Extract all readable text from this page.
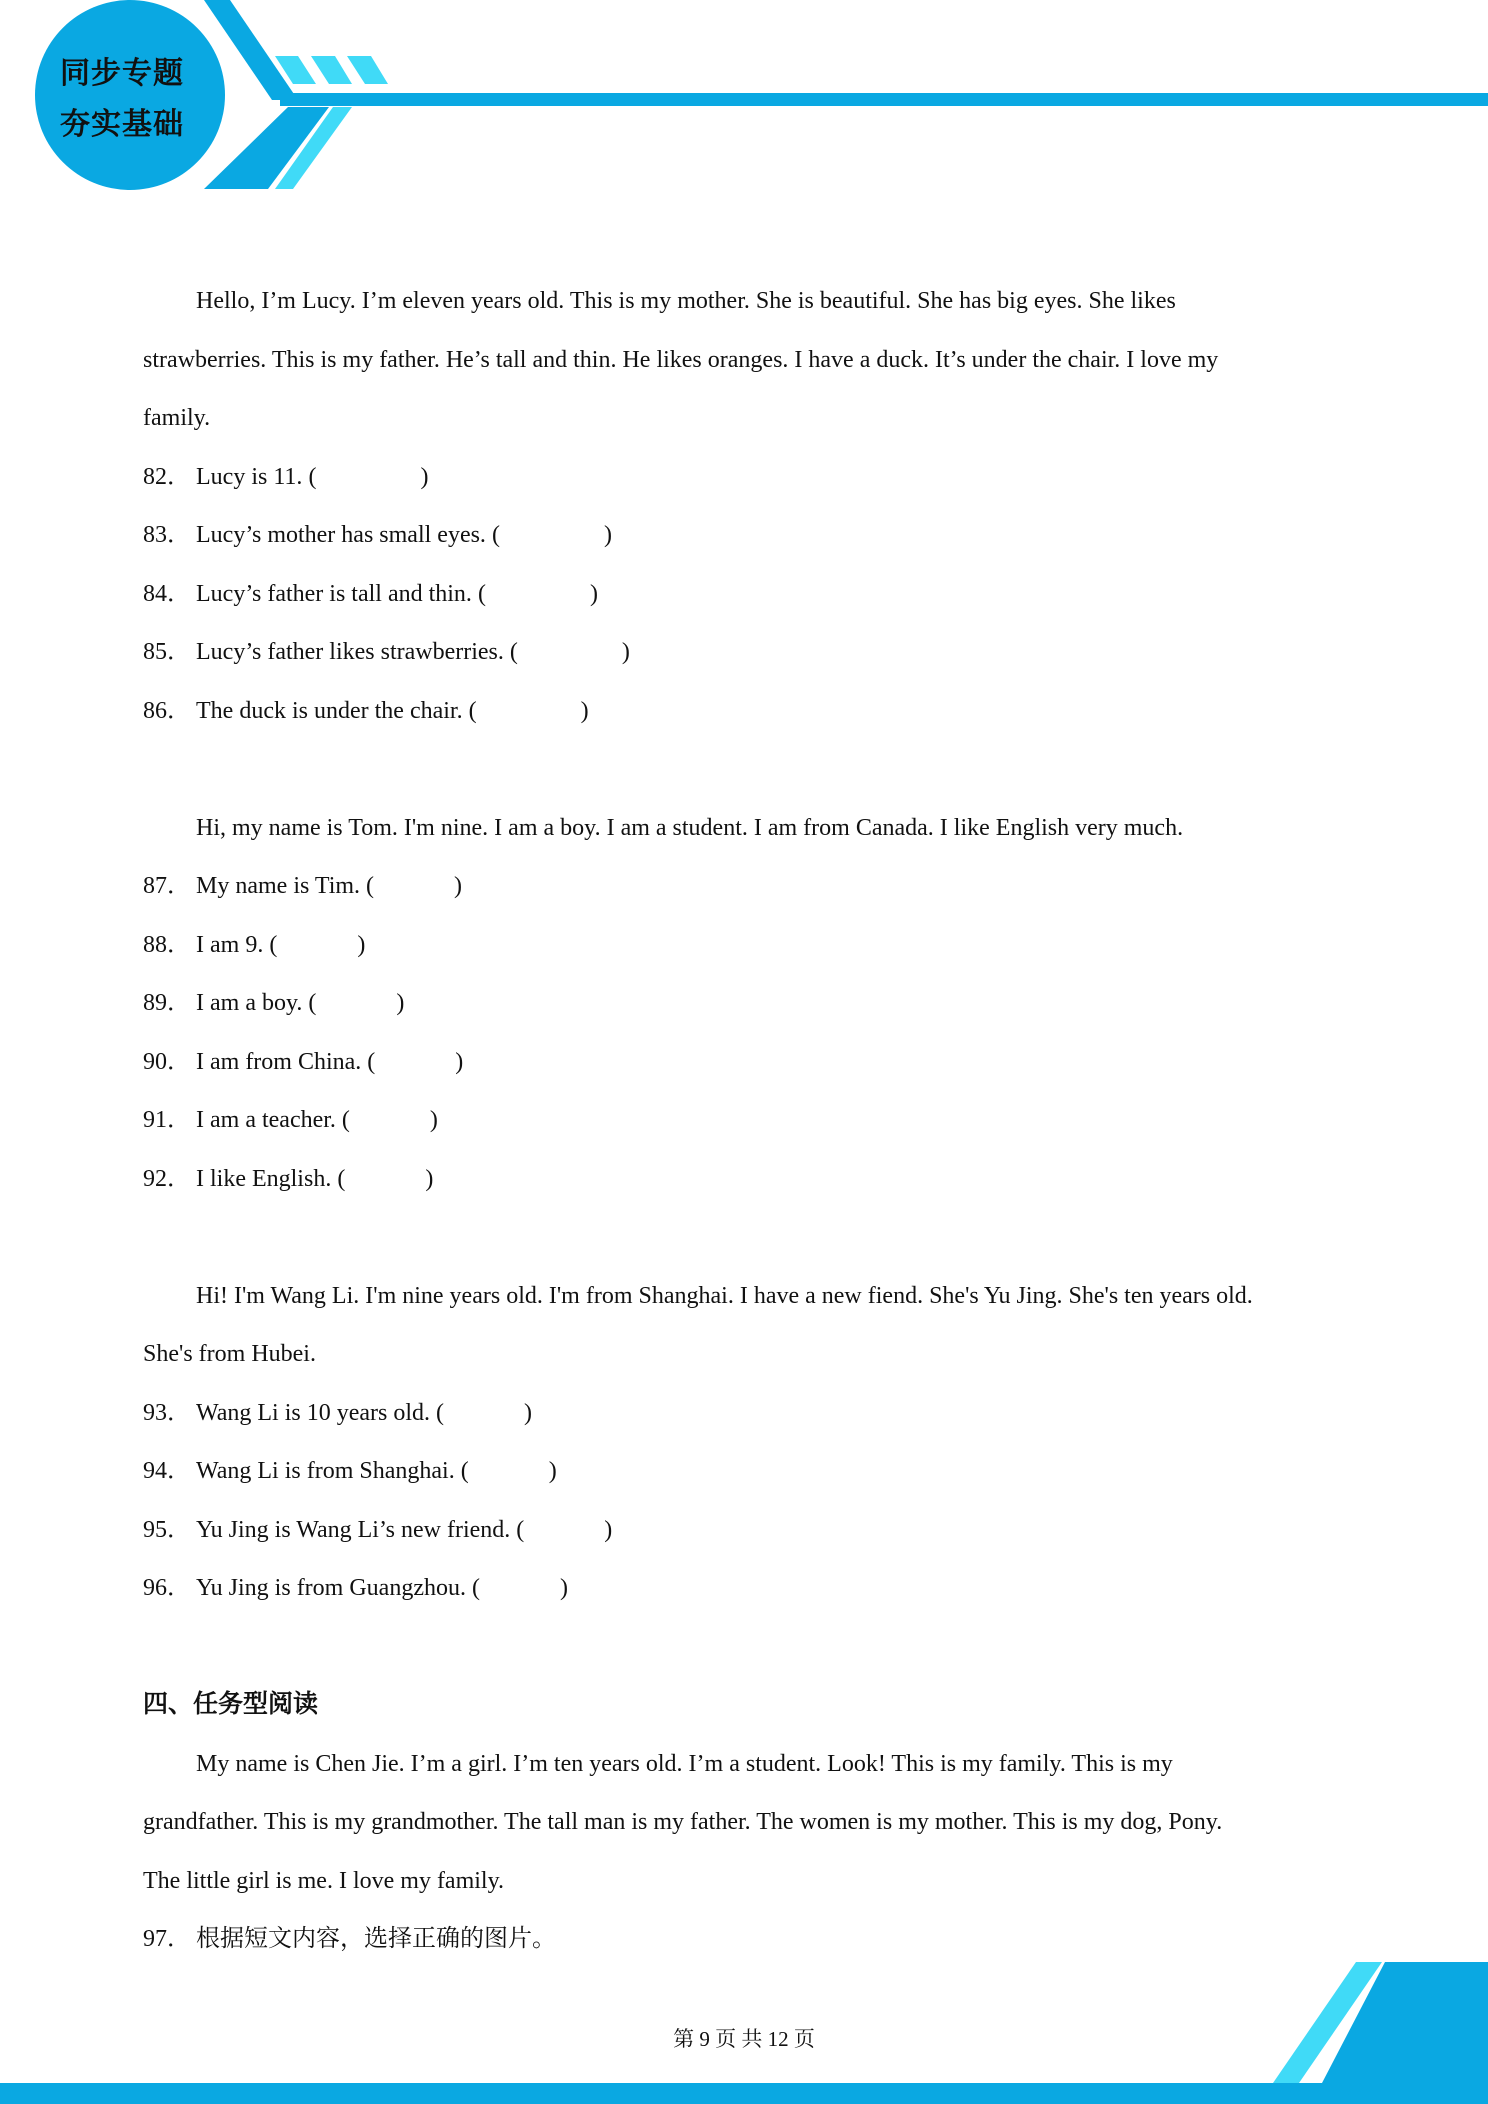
同步专题
夯实基础
Hello, I’m Lucy. I’m eleven years old. This is my mother. She is beautiful. She has big eyes. She likes
strawberries. This is my father. He’s tall and thin. He likes oranges. I have a duck. It’s under the chair. I love my
family.
82． Lucy is 11. (	)
83． Lucy’s mother has small eyes. (	)
84． Lucy’s father is tall and thin. (	)
85． Lucy’s father likes strawberries. (	)
86． The duck is under the chair. (	)
Hi, my name is Tom. I'm nine. I am a boy. I am a student. I am from Canada. I like English very much.
87． My name is Tim. (	)
88． I am 9. (	)
89． I am a boy. (	)
90． I am from China. (	)
91． I am a teacher. (	)
92． I like English. (	)
Hi! I'm Wang Li. I'm nine years old. I'm from Shanghai. I have a new fiend. She's Yu Jing. She's ten years old.
She's from Hubei.
93． Wang Li is 10 years old. (	)
94． Wang Li is from Shanghai. (	)
95． Yu Jing is Wang Li’s new friend. (	)
96． Yu Jing is from Guangzhou. (	)
四、任务型阅读
My name is Chen Jie. I’m a girl. I’m ten years old. I’m a student. Look! This is my family. This is my
grandfather. This is my grandmother. The tall man is my father. The women is my mother. This is my dog, Pony.
The little girl is me. I love my family.
97． 根据短文内容，选择正确的图片。
第 9 页 共 12 页
